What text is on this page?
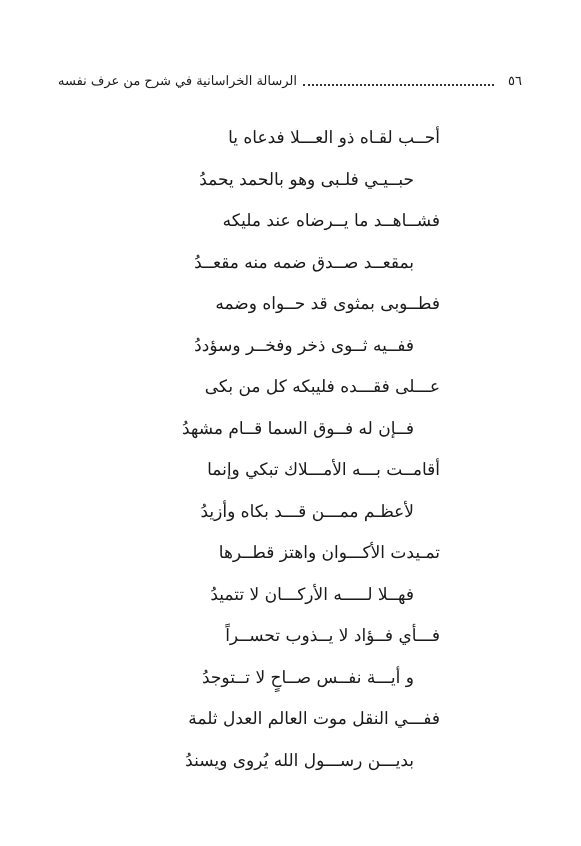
٥٦
الرسالة الخراسانية في شرح من عرف نفسه
أحــب لقـاه ذو العـــلا فدعاه يا
حبــيـي فلـبى وهو بالحمد يحمدُ
فشــاهــد ما يــرضاه عند مليكه
بمقعــد صــدق ضمه منه مقعــدُ
فطــوبى بمثوى قد حــواه وضمه
ففــيه ثــوى ذخر وفخــر وسؤددُ
عـــلى فقـــده فليبكه كل من بكى
فــإن له فــوق السما قــام مشهدُ
أقامــت بـــه الأمـــلاك تبكي وإنما
لأعظـم ممـــن قـــد بكاه وأزيدُ
تمـيدت الأكـــوان واهتز قطــرها
فهــلا لـــــه الأركـــان لا تتميدُ
فـــأي فــؤاد لا يــذوب تحســراً
و أيـــة نفــس صــاحٍ لا تــتوجدُ
ففـــي النقل موت العالم العدل ثلمة
بديـــن رســـول الله يُروى ويسندُ
